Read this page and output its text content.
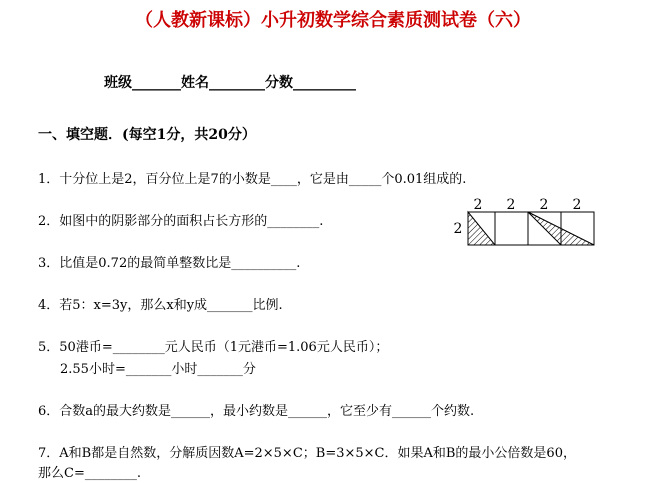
（人教新课标）小升初数学综合素质测试卷（六）
班级_______姓名________分数_________
一、填空题．(每空1分，共20分）
1．十分位上是2，百分位上是7的小数是____，它是由_____个0.01组成的.
2．如图中的阴影部分的面积占长方形的________.
3．比值是0.72的最简单整数比是__________.
4．若5：x=3y，那么x和y成_______比例.
5．50港币=________元人民币（1元港币=1.06元人民币）；
2.55小时=_______小时_______分
6．合数a的最大约数是______，最小约数是______，它至少有______个约数.
7．A和B都是自然数，分解质因数A=2×5×C；B=3×5×C．如果A和B的最小公倍数是60，
那么C=________.
2 2 2 2
2
